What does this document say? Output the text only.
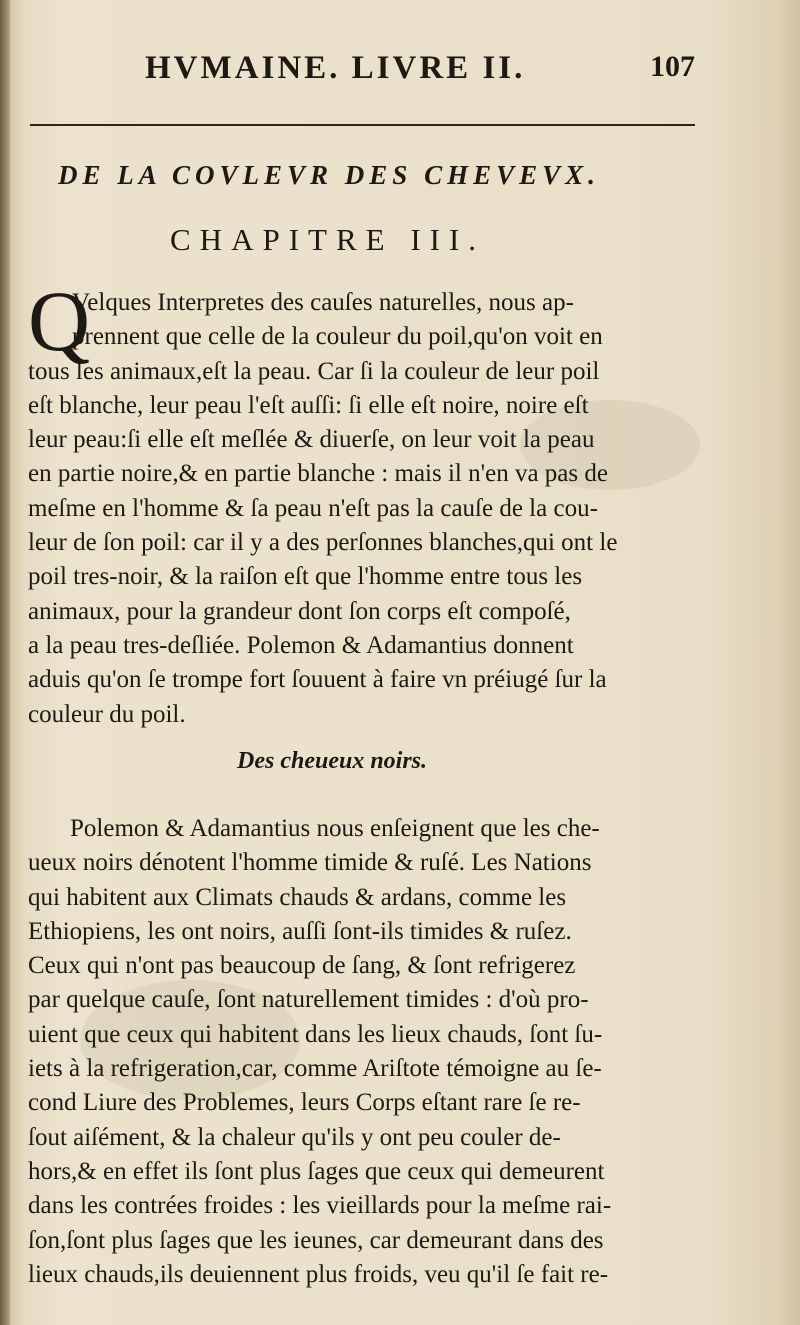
HVMAINE. LIVRE II.	107
DE LA COVLEVR DES CHEVEVX.
CHAPITRE III.
Q
Velques Interpretes des cauſes naturelles, nous ap-
prennent que celle de la couleur du poil,qu'on voit en
tous les animaux,eſt la peau. Car ſi la couleur de leur poil
eſt blanche, leur peau l'eſt auſſi: ſi elle eſt noire, noire eſt
leur peau:ſi elle eſt meſlée & diuerſe, on leur voit la peau
en partie noire,& en partie blanche : mais il n'en va pas de
meſme en l'homme & ſa peau n'eſt pas la cauſe de la cou-
leur de ſon poil: car il y a des perſonnes blanches,qui ont le
poil tres-noir, & la raiſon eſt que l'homme entre tous les
animaux, pour la grandeur dont ſon corps eſt compoſé,
a la peau tres-deſliée. Polemon & Adamantius donnent
aduis qu'on ſe trompe fort ſouuent à faire vn préiugé ſur la
couleur du poil.
Des cheueux noirs.
Polemon & Adamantius nous enſeignent que les che-
ueux noirs dénotent l'homme timide & ruſé. Les Nations
qui habitent aux Climats chauds & ardans, comme les
Ethiopiens, les ont noirs, auſſi ſont-ils timides & ruſez.
Ceux qui n'ont pas beaucoup de ſang, & ſont refrigerez
par quelque cauſe, ſont naturellement timides : d'où pro-
uient que ceux qui habitent dans les lieux chauds, ſont ſu-
iets à la refrigeration,car, comme Ariſtote témoigne au ſe-
cond Liure des Problemes, leurs Corps eſtant rare ſe re-
ſout aiſément, & la chaleur qu'ils y ont peu couler de-
hors,& en effet ils ſont plus ſages que ceux qui demeurent
dans les contrées froides : les vieillards pour la meſme rai-
ſon,ſont plus ſages que les ieunes, car demeurant dans des
lieux chauds,ils deuiennent plus froids, veu qu'il ſe fait re-
